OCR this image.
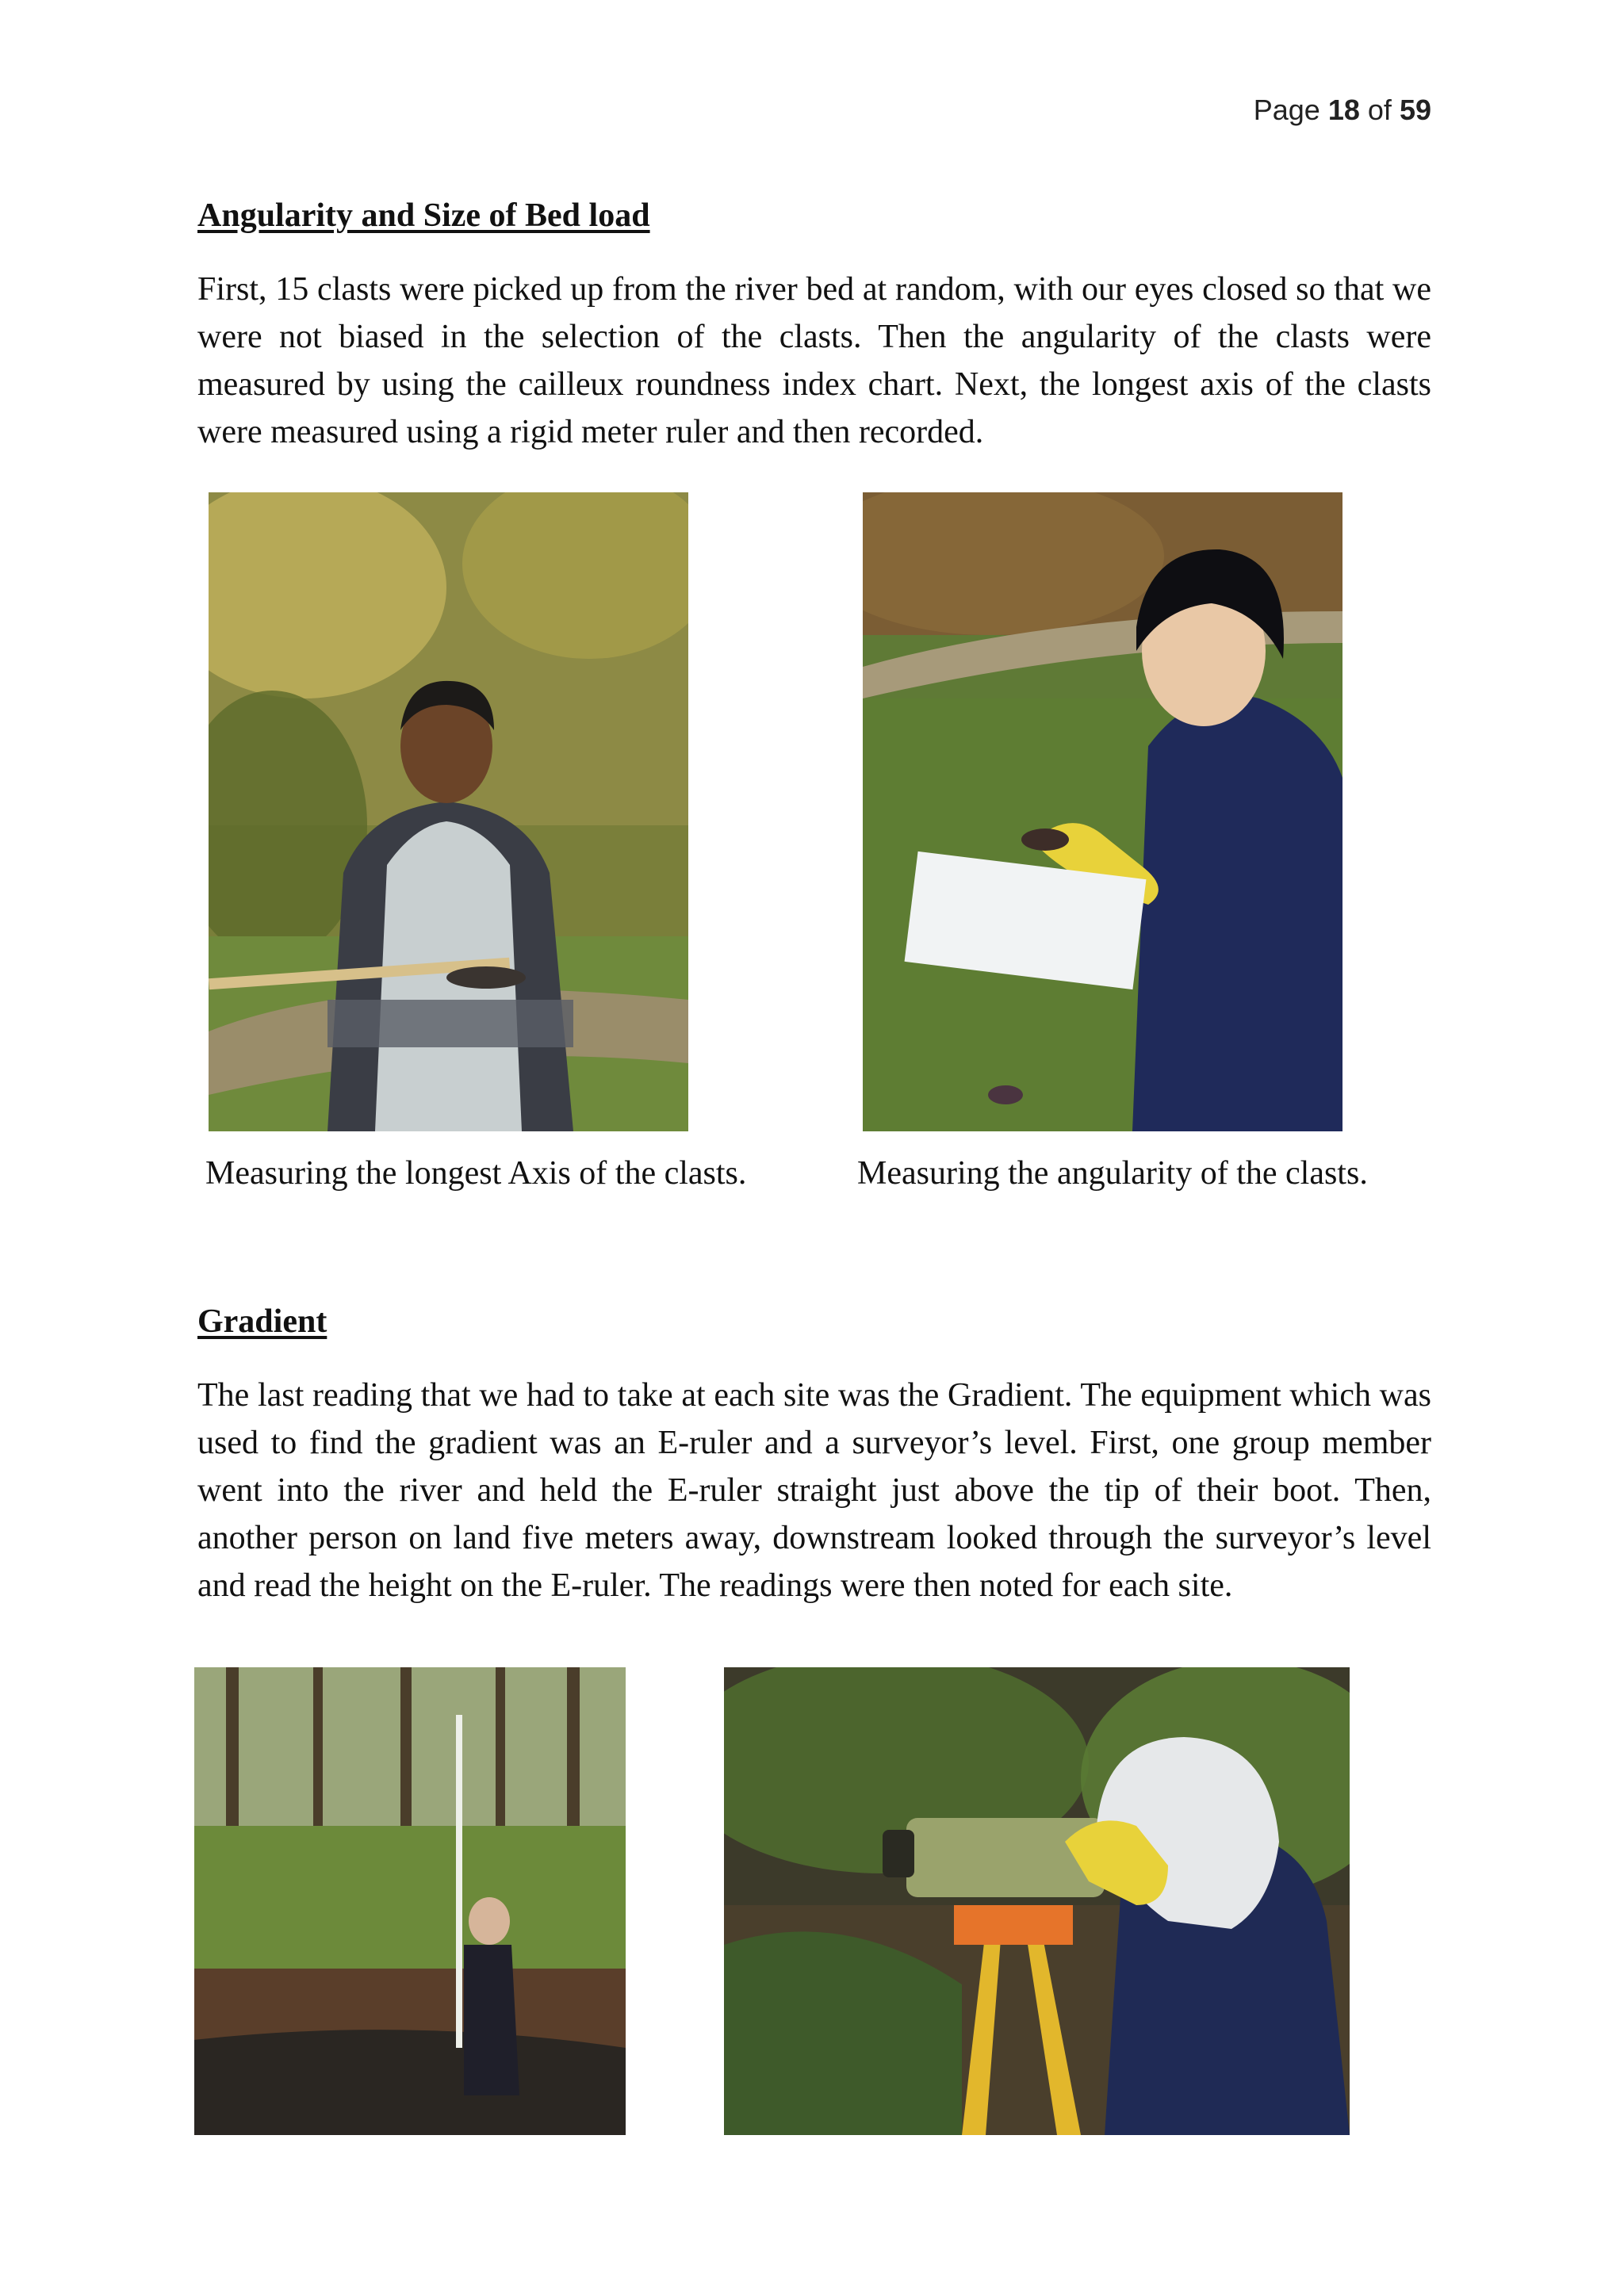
Page 18 of 59
Angularity and Size of Bed load

First, 15 clasts were picked up from the river bed at random, with our eyes closed so that we were not biased in the selection of the clasts. Then the angularity of the clasts were measured by using the cailleux roundness index chart. Next, the longest axis of the clasts were measured using a rigid meter ruler and then recorded.

Measuring the longest Axis of the clasts.	Measuring the angularity of the clasts.
Gradient

The last reading that we had to take at each site was the Gradient. The equipment which was used to find the gradient was an E-ruler and a surveyor’s level. First, one group member went into the river and held the E-ruler straight just above the tip of their boot. Then, another person on land five meters away, downstream looked through the surveyor’s level and read the height on the E-ruler. The readings were then noted for each site.
